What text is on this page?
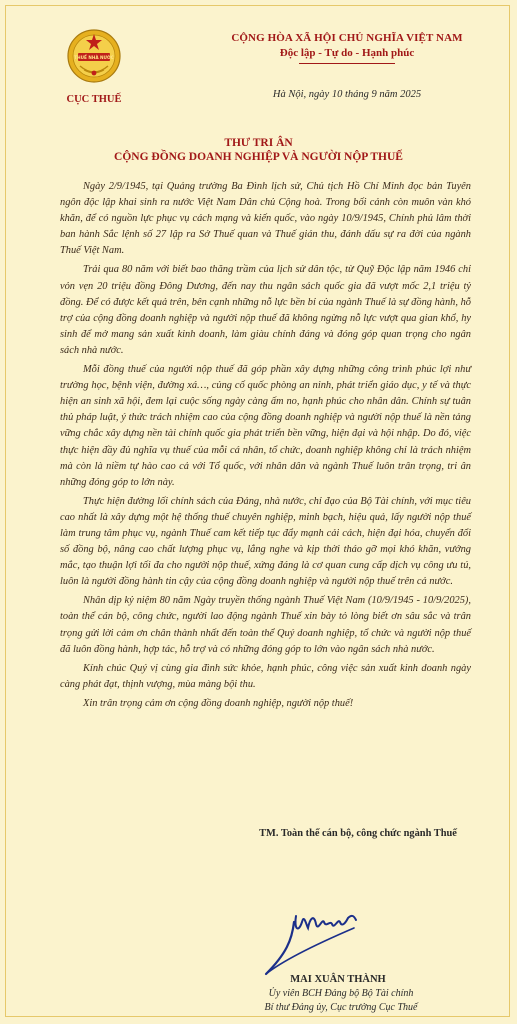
THUẾ NHÀ NƯỚC
CỤC THUẾ
CỘNG HÒA XÃ HỘI CHỦ NGHĨA VIỆT NAM
Độc lập - Tự do - Hạnh phúc
Hà Nội, ngày 10 tháng 9 năm 2025
THƯ TRI ÂN
CỘNG ĐỒNG DOANH NGHIỆP VÀ NGƯỜI NỘP THUẾ

Ngày 2/9/1945, tại Quảng trường Ba Đình lịch sử, Chủ tịch Hồ Chí Minh đọc bản Tuyên ngôn độc lập khai sinh ra nước Việt Nam Dân chủ Cộng hoà. Trong bối cảnh còn muôn vàn khó khăn, để có nguồn lực phục vụ cách mạng và kiến quốc, vào ngày 10/9/1945, Chính phủ lâm thời ban hành Sắc lệnh số 27 lập ra Sở Thuế quan và Thuế gián thu, đánh dấu sự ra đời của ngành Thuế Việt Nam.

Trải qua 80 năm với biết bao thăng trầm của lịch sử dân tộc, từ Quỹ Độc lập năm 1946 chỉ vỏn vẹn 20 triệu đồng Đông Dương, đến nay thu ngân sách quốc gia đã vượt mốc 2,1 triệu tỷ đồng. Để có được kết quả trên, bên cạnh những nỗ lực bền bỉ của ngành Thuế là sự đồng hành, hỗ trợ của cộng đồng doanh nghiệp và người nộp thuế đã không ngừng nỗ lực vượt qua gian khổ, hy sinh để mở mang sản xuất kinh doanh, làm giàu chính đáng và đóng góp quan trọng cho ngân sách nhà nước.

Mỗi đồng thuế của người nộp thuế đã góp phần xây dựng những công trình phúc lợi như trường học, bệnh viện, đường xá…, củng cố quốc phòng an ninh, phát triển giáo dục, y tế và thực hiện an sinh xã hội, đem lại cuộc sống ngày càng ấm no, hạnh phúc cho nhân dân. Chính sự tuân thủ pháp luật, ý thức trách nhiệm cao của cộng đồng doanh nghiệp và người nộp thuế là nền tảng vững chắc xây dựng nền tài chính quốc gia phát triển bền vững, hiện đại và hội nhập. Do đó, việc thực hiện đầy đủ nghĩa vụ thuế của mỗi cá nhân, tổ chức, doanh nghiệp không chỉ là trách nhiệm mà còn là niềm tự hào cao cả với Tổ quốc, với nhân dân và ngành Thuế luôn trân trọng, tri ân những đóng góp to lớn này.

Thực hiện đường lối chính sách của Đảng, nhà nước, chỉ đạo của Bộ Tài chính, với mục tiêu cao nhất là xây dựng một hệ thống thuế chuyên nghiệp, minh bạch, hiệu quả, lấy người nộp thuế làm trung tâm phục vụ, ngành Thuế cam kết tiếp tục đẩy mạnh cải cách, hiện đại hóa, chuyển đổi số đồng bộ, nâng cao chất lượng phục vụ, lắng nghe và kịp thời tháo gỡ mọi khó khăn, vướng mắc, tạo thuận lợi tối đa cho người nộp thuế, xứng đáng là cơ quan cung cấp dịch vụ công ưu tú, luôn là người đồng hành tin cậy của cộng đồng doanh nghiệp và người nộp thuế trên cả nước.

Nhân dịp kỷ niệm 80 năm Ngày truyền thống ngành Thuế Việt Nam (10/9/1945 - 10/9/2025), toàn thể cán bộ, công chức, người lao động ngành Thuế xin bày tỏ lòng biết ơn sâu sắc và trân trọng gửi lời cảm ơn chân thành nhất đến toàn thể Quý doanh nghiệp, tổ chức và người nộp thuế đã luôn đồng hành, hợp tác, hỗ trợ và có những đóng góp to lớn vào ngân sách nhà nước.

Kính chúc Quý vị cùng gia đình sức khỏe, hạnh phúc, công việc sản xuất kinh doanh ngày càng phát đạt, thịnh vượng, mùa màng bội thu.

Xin trân trọng cảm ơn cộng đồng doanh nghiệp, người nộp thuế!

TM. Toàn thể cán bộ, công chức ngành Thuế
MAI XUÂN THÀNH
Ủy viên BCH Đảng bộ Bộ Tài chính
Bí thư Đảng ủy, Cục trưởng Cục Thuế
